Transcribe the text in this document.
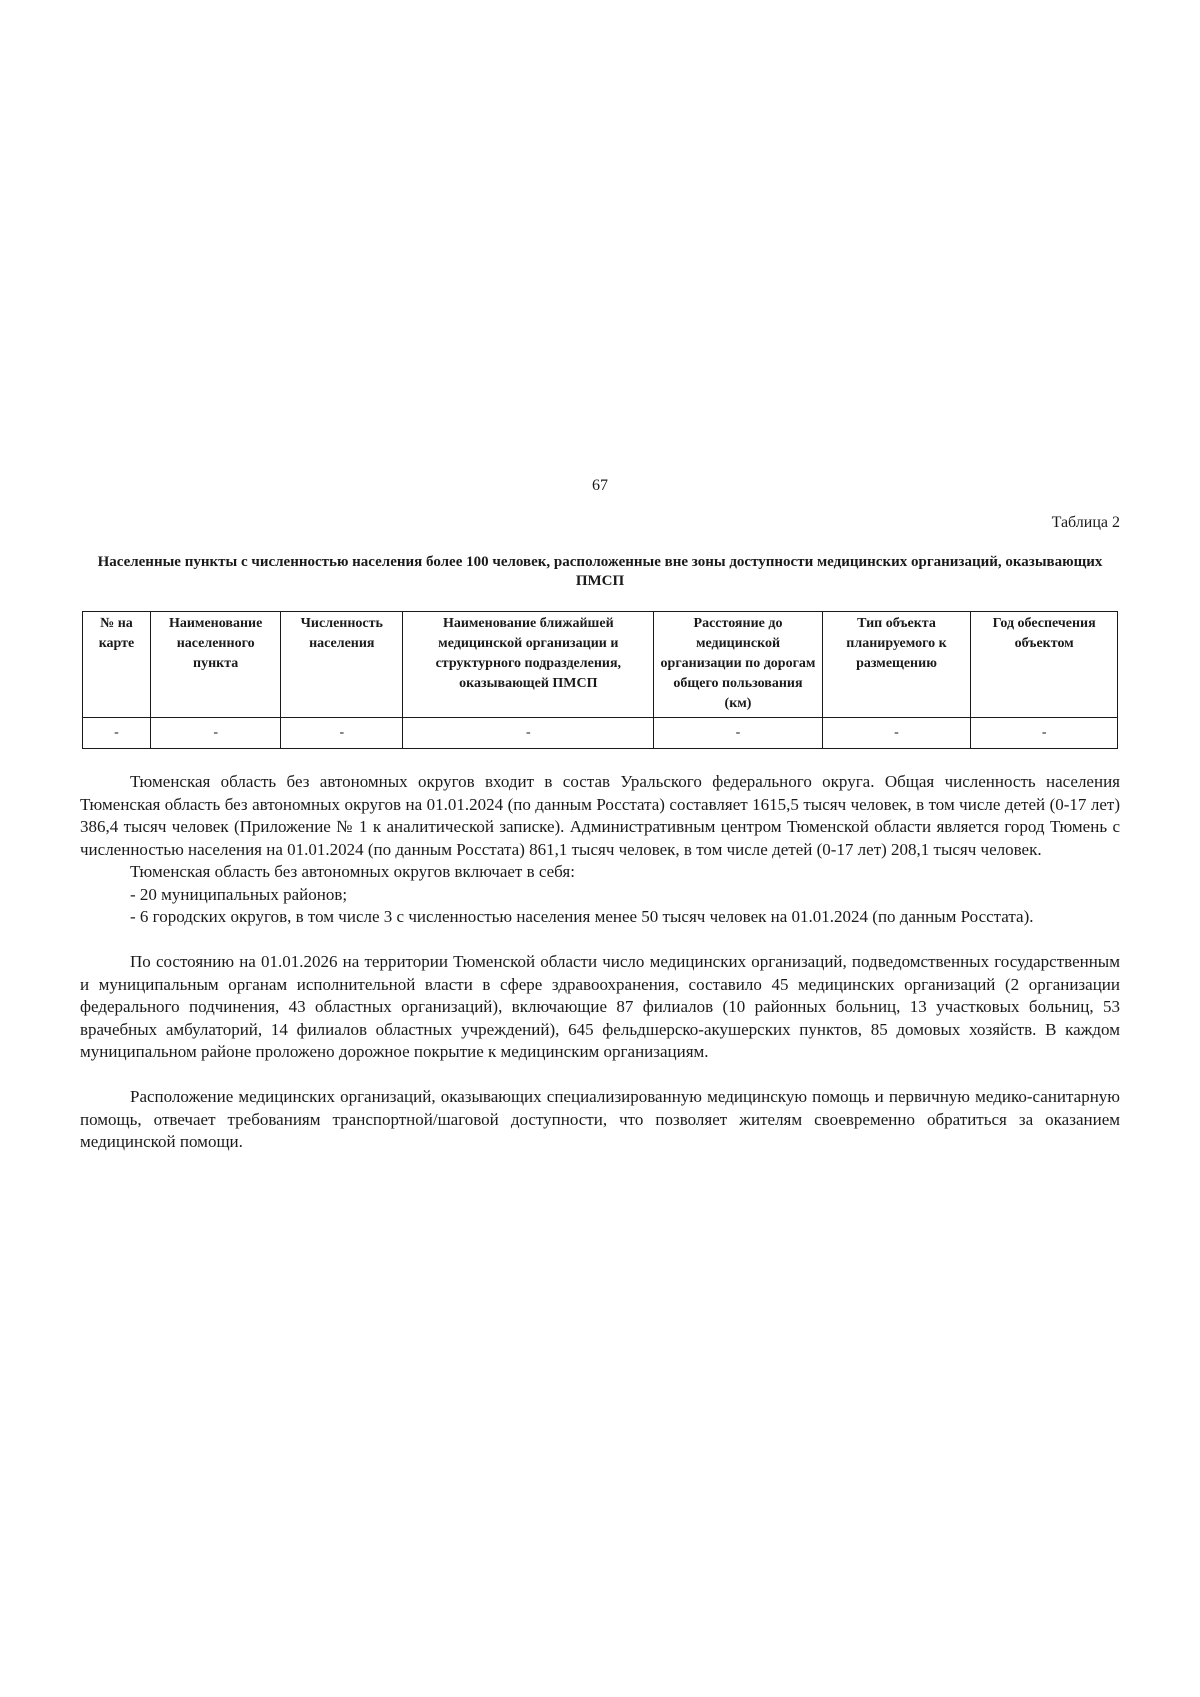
67
Таблица 2
Населенные пункты с численностью населения более 100 человек, расположенные вне зоны доступности медицинских организаций, оказывающих ПМСП
№ на карте	Наименование населенного пункта	Численность населения	Наименование ближайшей медицинской организации и структурного подразделения, оказывающей ПМСП	Расстояние до медицинской организации по дорогам общего пользования (км)	Тип объекта планируемого к размещению	Год обеспечения объектом
-	-	-	-	-	-	-

Тюменская область без автономных округов входит в состав Уральского федерального округа. Общая численность населения Тюменская область без автономных округов на 01.01.2024 (по данным Росстата) составляет 1615,5 тысяч человек, в том числе детей (0-17 лет) 386,4 тысяч человек (Приложение № 1 к аналитической записке). Административным центром Тюменской области является город Тюмень с численностью населения на 01.01.2024 (по данным Росстата) 861,1 тысяч человек, в том числе детей (0-17 лет) 208,1 тысяч человек.

Тюменская область без автономных округов включает в себя:

- 20 муниципальных районов;

- 6 городских округов, в том числе 3 с численностью населения менее 50 тысяч человек на 01.01.2024 (по данным Росстата).

По состоянию на 01.01.2026 на территории Тюменской области число медицинских организаций, подведомственных государственным и муниципальным органам исполнительной власти в сфере здравоохранения, составило 45 медицинских организаций (2 организации федерального подчинения, 43 областных организаций), включающие 87 филиалов (10 районных больниц, 13 участковых больниц, 53 врачебных амбулаторий, 14 филиалов областных учреждений), 645 фельдшерско-акушерских пунктов, 85 домовых хозяйств. В каждом муниципальном районе проложено дорожное покрытие к медицинским организациям.

Расположение медицинских организаций, оказывающих специализированную медицинскую помощь и первичную медико-санитарную помощь, отвечает требованиям транспортной/шаговой доступности, что позволяет жителям своевременно обратиться за оказанием медицинской помощи.
